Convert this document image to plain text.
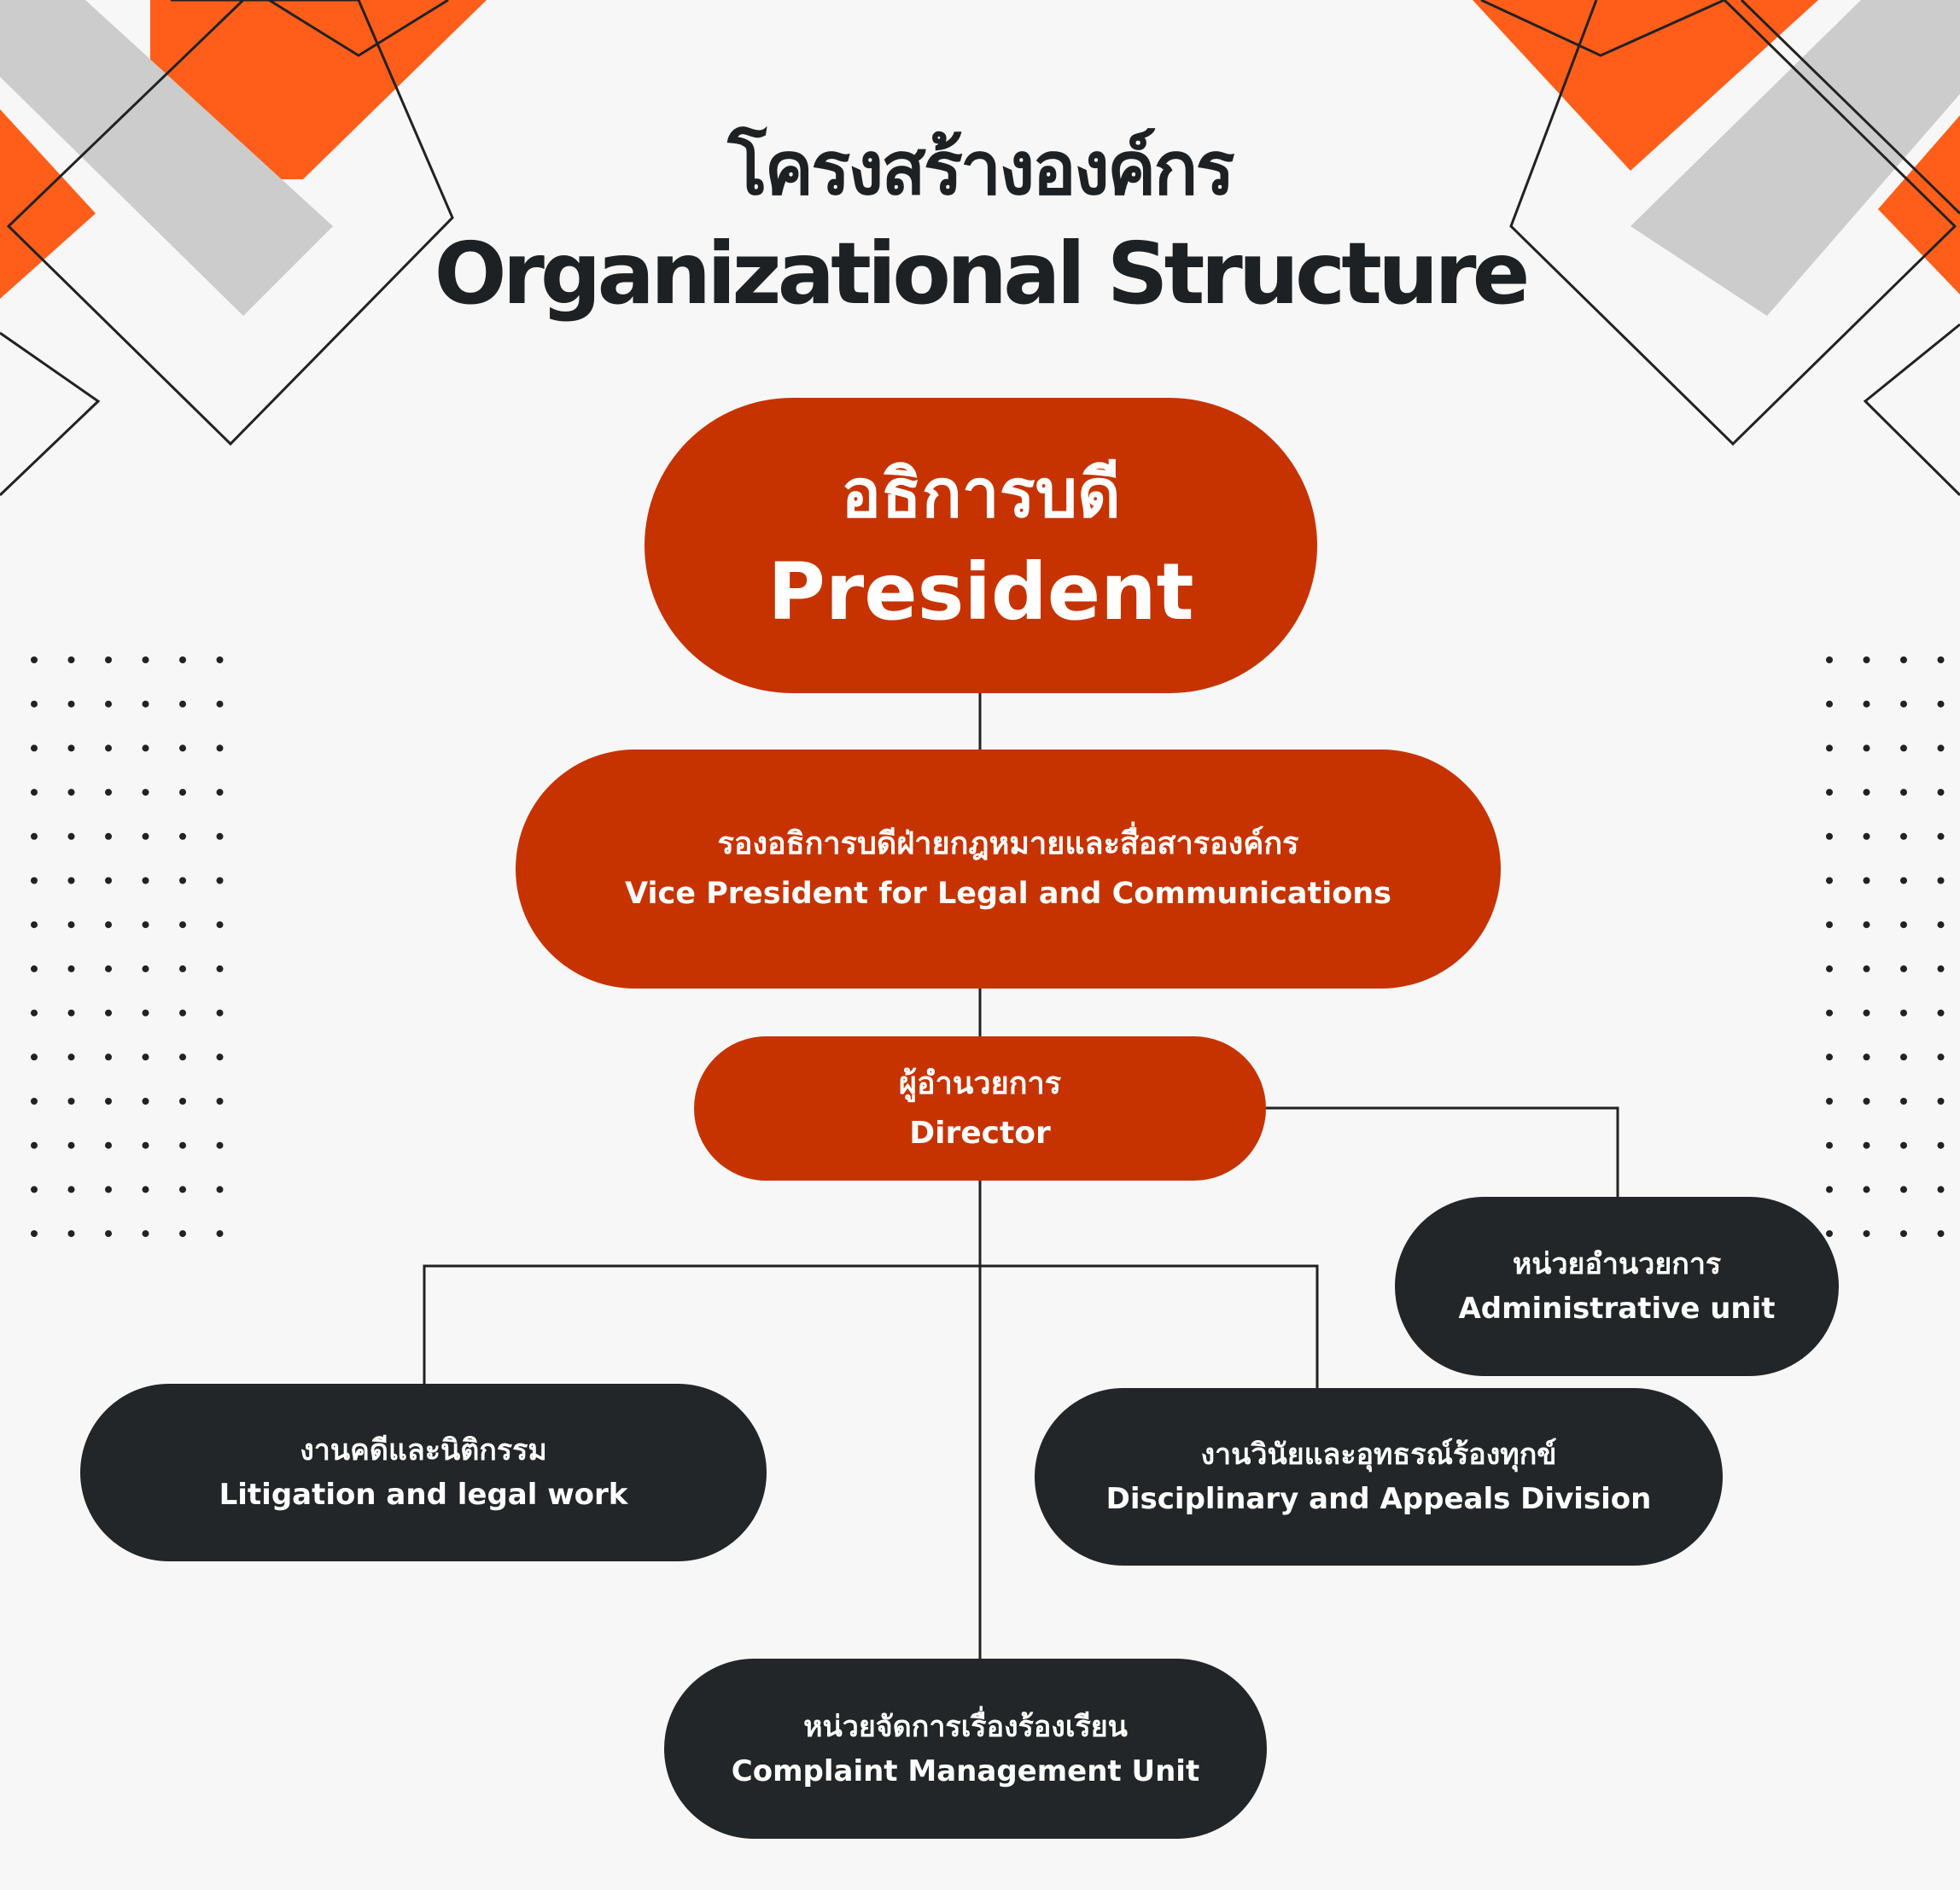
โครงสร้างองค์กร
Organizational Structure
อธิการบดี
President
รองอธิการบดีฝ่ายกฎหมายและสื่อสารองค์กร
Vice President for Legal and Communications
ผู้อำนวยการ
Director
หน่วยอำนวยการ
Administrative unit
งานคดีและนิติกรรม
Litigation and legal work
งานวินัยและอุทธรณ์ร้องทุกข์
Disciplinary and Appeals Division
หน่วยจัดการเรื่องร้องเรียน
Complaint Management Unit
